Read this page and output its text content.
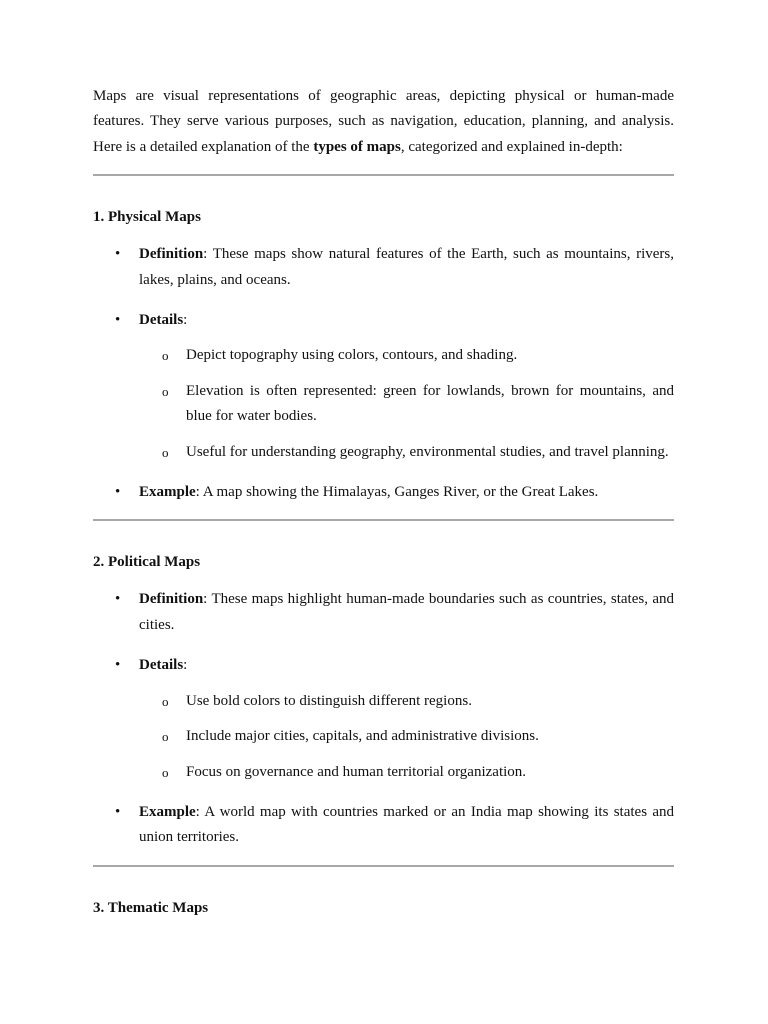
Maps are visual representations of geographic areas, depicting physical or human-made features. They serve various purposes, such as navigation, education, planning, and analysis. Here is a detailed explanation of the types of maps, categorized and explained in-depth:

1. Physical Maps

•	Definition: These maps show natural features of the Earth, such as mountains, rivers, lakes, plains, and oceans.
•	Details:
o Depict topography using colors, contours, and shading.
o Elevation is often represented: green for lowlands, brown for mountains, and blue for water bodies.
o Useful for understanding geography, environmental studies, and travel planning.
•	Example: A map showing the Himalayas, Ganges River, or the Great Lakes.

2. Political Maps

•	Definition: These maps highlight human-made boundaries such as countries, states, and cities.
•	Details:
o Use bold colors to distinguish different regions.
o Include major cities, capitals, and administrative divisions.
o Focus on governance and human territorial organization.
•	Example: A world map with countries marked or an India map showing its states and union territories.

3. Thematic Maps
